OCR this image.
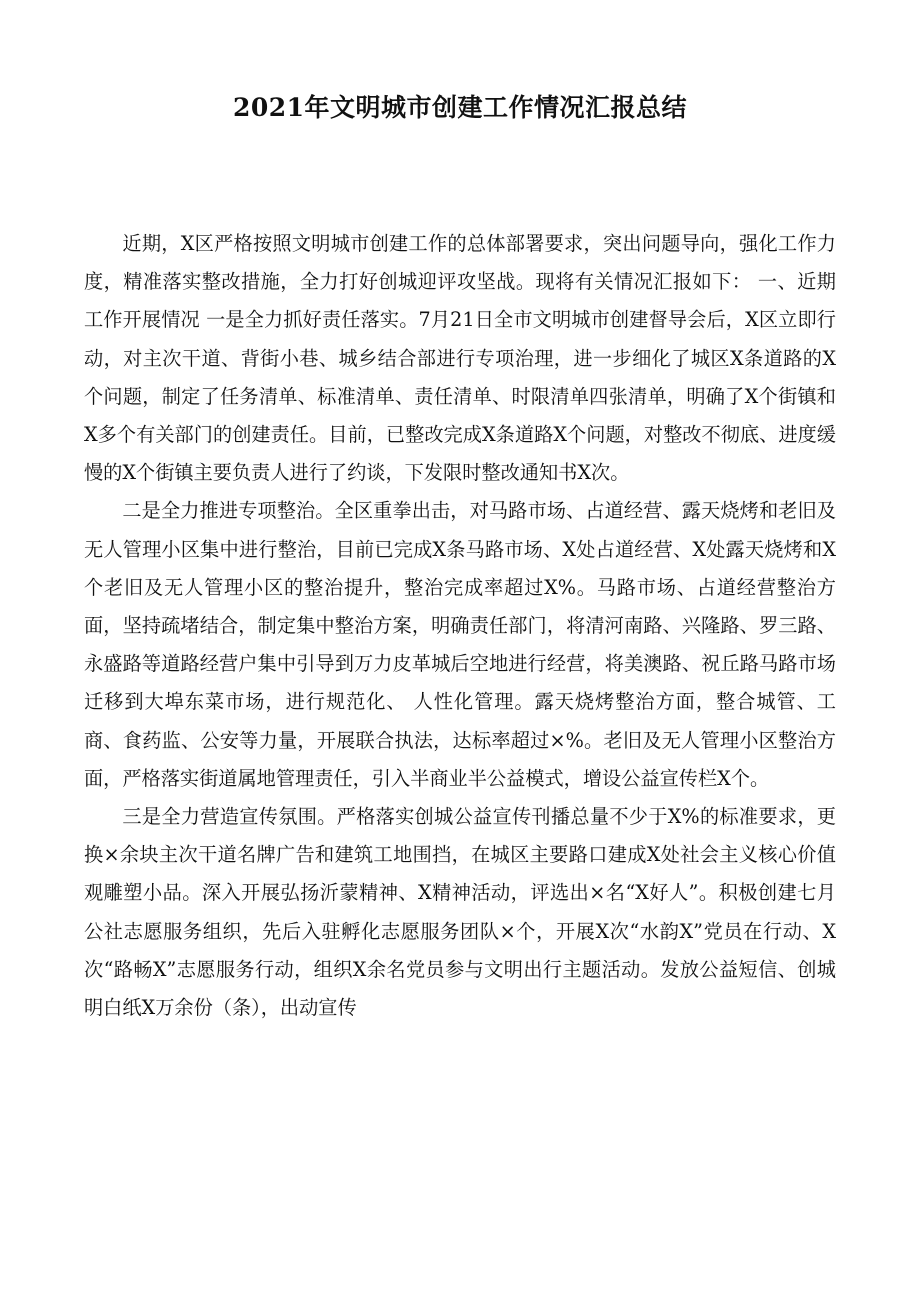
2021年文明城市创建工作情况汇报总结

近期，X区严格按照文明城市创建工作的总体部署要求，突出问题导向，强化工作力度，精准落实整改措施，全力打好创城迎评攻坚战。现将有关情况汇报如下： 一、近期工作开展情况 一是全力抓好责任落实。7月21日全市文明城市创建督导会后，X区立即行动，对主次干道、背街小巷、城乡结合部进行专项治理，进一步细化了城区X条道路的X个问题，制定了任务清单、标准清单、责任清单、时限清单四张清单，明确了X个街镇和X多个有关部门的创建责任。目前，已整改完成X条道路X个问题，对整改不彻底、进度缓慢的X个街镇主要负责人进行了约谈，下发限时整改通知书X次。

二是全力推进专项整治。全区重拳出击，对马路市场、占道经营、露天烧烤和老旧及无人管理小区集中进行整治，目前已完成X条马路市场、X处占道经营、X处露天烧烤和X个老旧及无人管理小区的整治提升，整治完成率超过X%。马路市场、占道经营整治方面，坚持疏堵结合，制定集中整治方案，明确责任部门，将清河南路、兴隆路、罗三路、永盛路等道路经营户集中引导到万力皮革城后空地进行经营，将美澳路、祝丘路马路市场迁移到大埠东菜市场，进行规范化、 人性化管理。露天烧烤整治方面，整合城管、工商、食药监、公安等力量，开展联合执法，达标率超过×%。老旧及无人管理小区整治方面，严格落实街道属地管理责任，引入半商业半公益模式，增设公益宣传栏X个。

三是全力营造宣传氛围。严格落实创城公益宣传刊播总量不少于X%的标准要求，更换×余块主次干道名牌广告和建筑工地围挡，在城区主要路口建成X处社会主义核心价值观雕塑小品。深入开展弘扬沂蒙精神、X精神活动，评选出×名“X好人”。积极创建七月公社志愿服务组织，先后入驻孵化志愿服务团队×个，开展X次“水韵X”党员在行动、X次“路畅X”志愿服务行动，组织X余名党员参与文明出行主题活动。发放公益短信、创城明白纸X万余份（条），出动宣传
